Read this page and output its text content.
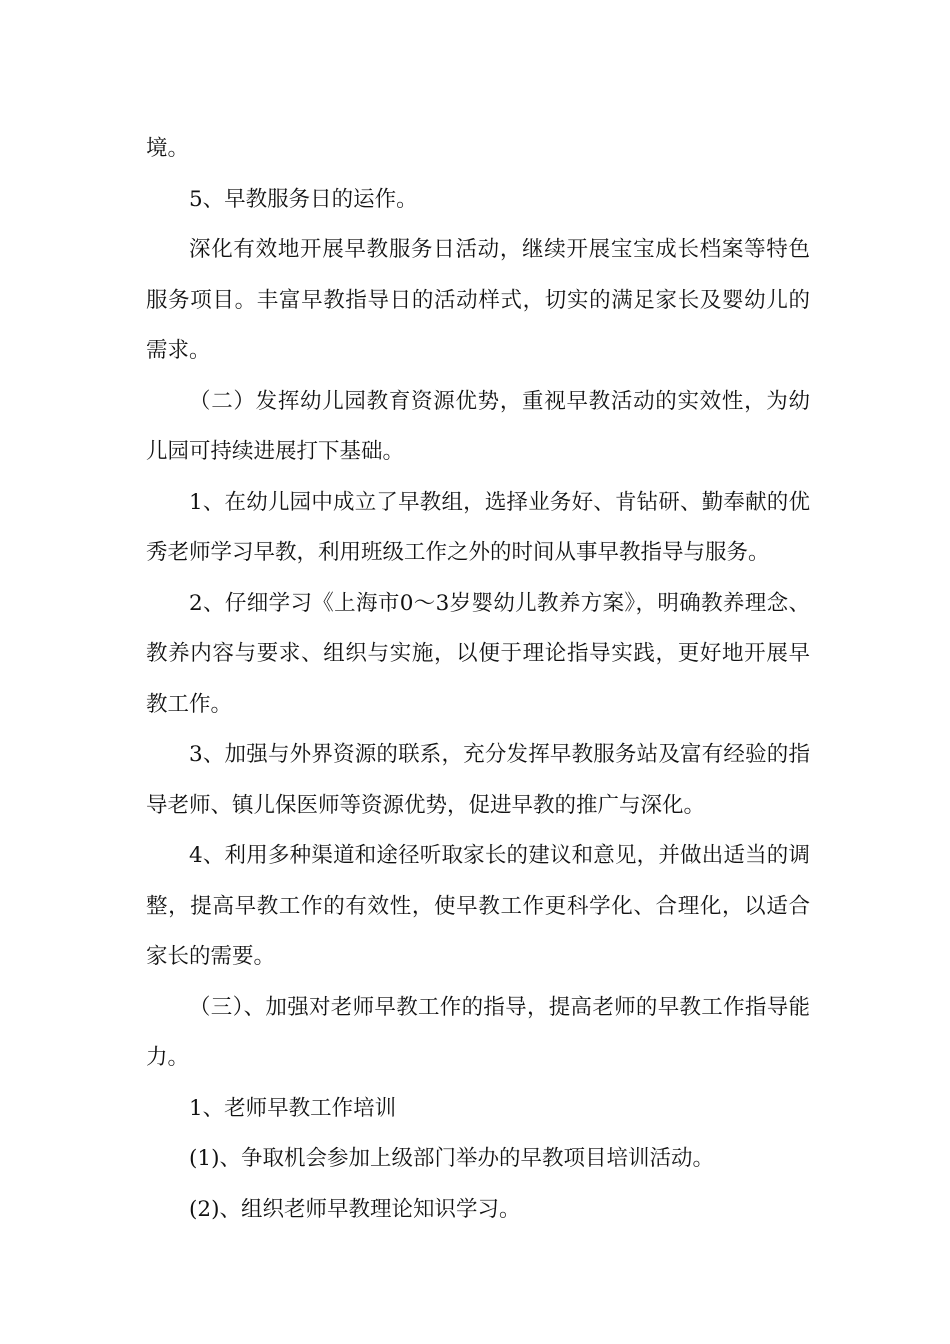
境。

5、早教服务日的运作。

深化有效地开展早教服务日活动，继续开展宝宝成长档案等特色服务项目。丰富早教指导日的活动样式，切实的满足家长及婴幼儿的需求。

（二）发挥幼儿园教育资源优势，重视早教活动的实效性，为幼儿园可持续进展打下基础。

1、在幼儿园中成立了早教组，选择业务好、肯钻研、勤奉献的优秀老师学习早教，利用班级工作之外的时间从事早教指导与服务。

2、仔细学习《上海市0～3岁婴幼儿教养方案》，明确教养理念、教养内容与要求、组织与实施，以便于理论指导实践，更好地开展早教工作。

3、加强与外界资源的联系，充分发挥早教服务站及富有经验的指导老师、镇儿保医师等资源优势，促进早教的推广与深化。

4、利用多种渠道和途径听取家长的建议和意见，并做出适当的调整，提高早教工作的有效性，使早教工作更科学化、合理化，以适合家长的需要。

（三）、加强对老师早教工作的指导，提高老师的早教工作指导能力。

1、老师早教工作培训

(1)、争取机会参加上级部门举办的早教项目培训活动。

(2)、组织老师早教理论知识学习。
